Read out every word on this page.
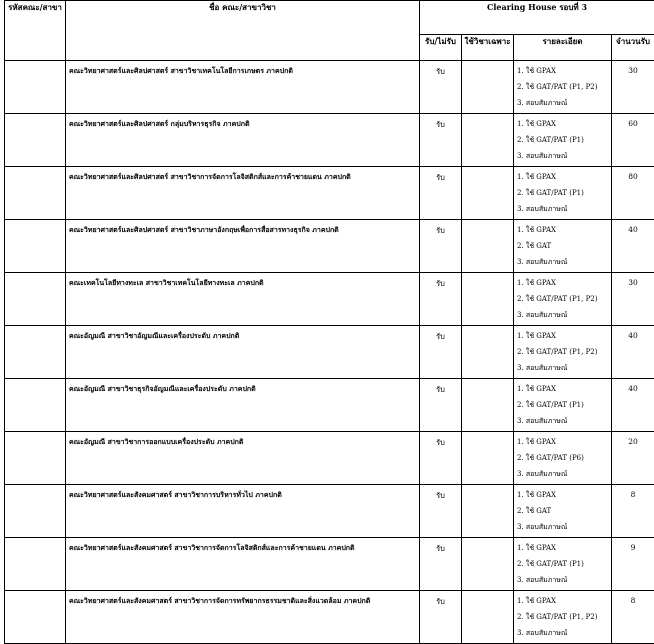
รหัสคณะ/สาขา	ชื่อ คณะ/สาขาวิชา	Clearing House รอบที่ 3			
		รับ/ไม่รับ	ใช้วิชาเฉพาะ	รายละเอียด	จำนวนรับ
	คณะวิทยาศาสตร์และศิลปศาสตร์ สาขาวิชาเทคโนโลยีการเกษตร ภาคปกติ	รับ		1. ใช้ GPAX
2. ใช้ GAT/PAT (P1, P2)
3. สอบสัมภาษณ์	30
	คณะวิทยาศาสตร์และศิลปศาสตร์ กลุ่มบริหารธุรกิจ ภาคปกติ	รับ		1. ใช้ GPAX
2. ใช้ GAT/PAT (P1)
3. สอบสัมภาษณ์	60
	คณะวิทยาศาสตร์และศิลปศาสตร์ สาขาวิชาการจัดการโลจิสติกส์และการค้าชายแดน ภาคปกติ	รับ		1. ใช้ GPAX
2. ใช้ GAT/PAT (P1)
3. สอบสัมภาษณ์	80
	คณะวิทยาศาสตร์และศิลปศาสตร์ สาขาวิชาภาษาอังกฤษเพื่อการสื่อสารทางธุรกิจ ภาคปกติ	รับ		1. ใช้ GPAX
2. ใช้ GAT
3. สอบสัมภาษณ์	40
	คณะเทคโนโลยีทางทะเล สาขาวิชาเทคโนโลยีทางทะเล ภาคปกติ	รับ		1. ใช้ GPAX
2. ใช้ GAT/PAT (P1, P2)
3. สอบสัมภาษณ์	30
	คณะอัญมณี สาขาวิชาอัญมณีและเครื่องประดับ ภาคปกติ	รับ		1. ใช้ GPAX
2. ใช้ GAT/PAT (P1, P2)
3. สอบสัมภาษณ์	40
	คณะอัญมณี สาขาวิชาธุรกิจอัญมณีและเครื่องประดับ ภาคปกติ	รับ		1. ใช้ GPAX
2. ใช้ GAT/PAT (P1)
3. สอบสัมภาษณ์	40
	คณะอัญมณี สาขาวิชาการออกแบบเครื่องประดับ ภาคปกติ	รับ		1. ใช้ GPAX
2. ใช้ GAT/PAT (P6)
3. สอบสัมภาษณ์	20
	คณะวิทยาศาสตร์และสังคมศาสตร์ สาขาวิชาการบริหารทั่วไป ภาคปกติ	รับ		1. ใช้ GPAX
2. ใช้ GAT
3. สอบสัมภาษณ์	8
	คณะวิทยาศาสตร์และสังคมศาสตร์ สาขาวิชาการจัดการโลจิสติกส์และการค้าชายแดน ภาคปกติ	รับ		1. ใช้ GPAX
2. ใช้ GAT/PAT (P1)
3. สอบสัมภาษณ์	9
	คณะวิทยาศาสตร์และสังคมศาสตร์ สาขาวิชาการจัดการทรัพยากรธรรมชาติและสิ่งแวดล้อม ภาคปกติ	รับ		1. ใช้ GPAX
2. ใช้ GAT/PAT (P1, P2)
3. สอบสัมภาษณ์	8
